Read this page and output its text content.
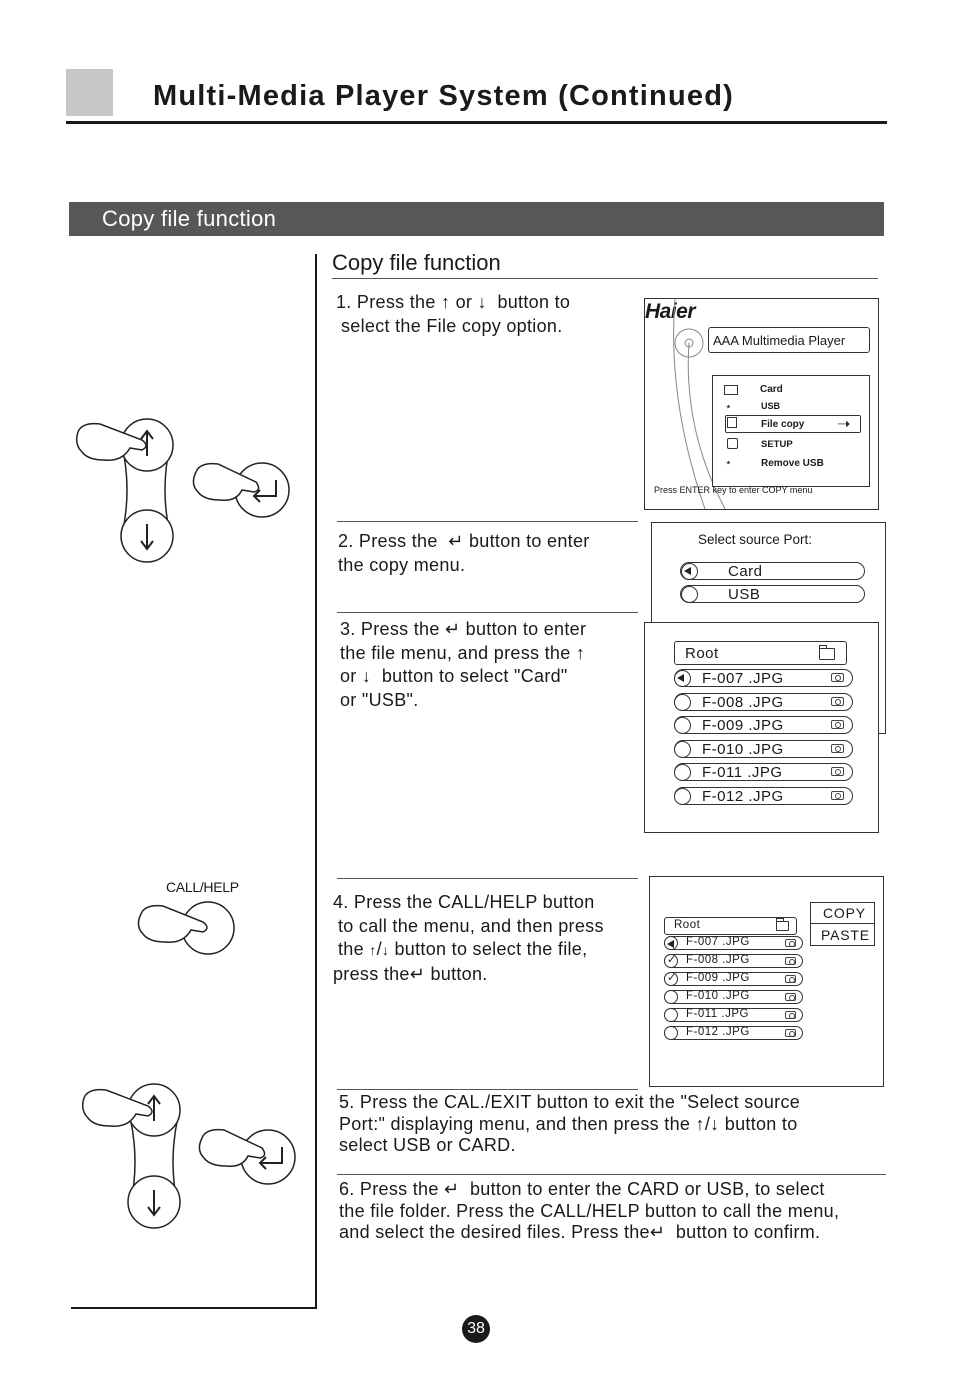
Multi-Media Player System (Continued)
Copy file function
Copy file function
CALL/HELP
1. Press the ↑ or ↓ button to
select the File copy option.
Haier
AAA Multimedia Player
Card
⋆	USB
File copy ➝
SETUP
⋆	Remove USB
Press ENTER key to enter COPY menu
2. Press the ↵ button to enter
the copy menu.
Select source Port:
Card
USB
3. Press the ↵ button to enter
the file menu, and press the ↑
or ↓ button to select "Card"
or "USB".
Root
F-007 .JPG
F-008 .JPG
F-009 .JPG
F-010 .JPG
F-011 .JPG
F-012 .JPG
4. Press the CALL/HELP button
to call the menu, and then press
the ↑/↓ button to select the file,
press the↵ button.
Root
F-007 .JPG
✓
F-008 .JPG
✓
F-009 .JPG
F-010 .JPG
F-011 .JPG
F-012 .JPG
COPY
PASTE
5. Press the CAL./EXIT button to exit the "Select source
Port:" displaying menu, and then press the ↑/↓ button to
select USB or CARD.
6. Press the ↵ button to enter the CARD or USB, to select
the file folder. Press the CALL/HELP button to call the menu,
and select the desired files. Press the↵ button to confirm.
38
